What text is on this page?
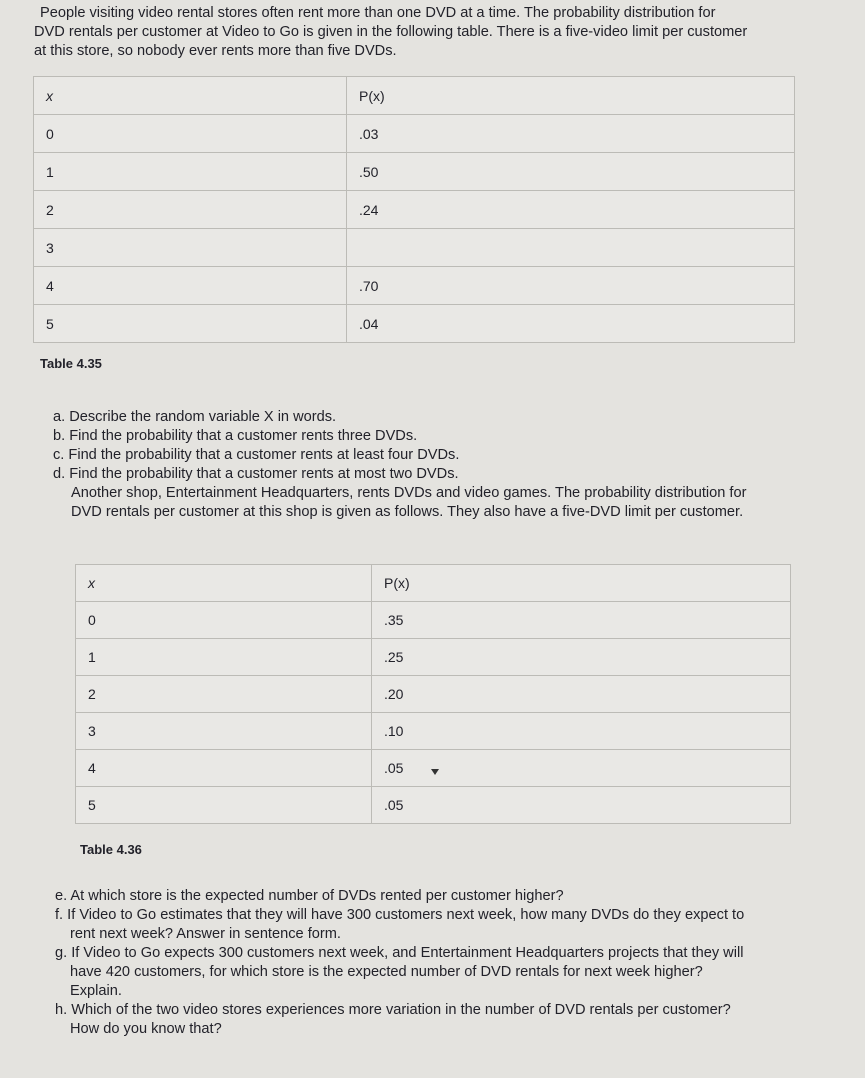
People visiting video rental stores often rent more than one DVD at a time. The probability distribution for
DVD rentals per customer at Video to Go is given in the following table. There is a five-video limit per customer
at this store, so nobody ever rents more than five DVDs.
x	P(x)
0	.03
1	.50
2	.24
3	
4	.70
5	.04
Table 4.35
a. Describe the random variable X in words.
b. Find the probability that a customer rents three DVDs.
c. Find the probability that a customer rents at least four DVDs.
d. Find the probability that a customer rents at most two DVDs.
Another shop, Entertainment Headquarters, rents DVDs and video games. The probability distribution for
DVD rentals per customer at this shop is given as follows. They also have a five-DVD limit per customer.
x	P(x)
0	.35
1	.25
2	.20
3	.10
4	.05
5	.05
Table 4.36
e. At which store is the expected number of DVDs rented per customer higher?
f. If Video to Go estimates that they will have 300 customers next week, how many DVDs do they expect to
rent next week? Answer in sentence form.
g. If Video to Go expects 300 customers next week, and Entertainment Headquarters projects that they will
have 420 customers, for which store is the expected number of DVD rentals for next week higher?
Explain.
h. Which of the two video stores experiences more variation in the number of DVD rentals per customer?
How do you know that?
